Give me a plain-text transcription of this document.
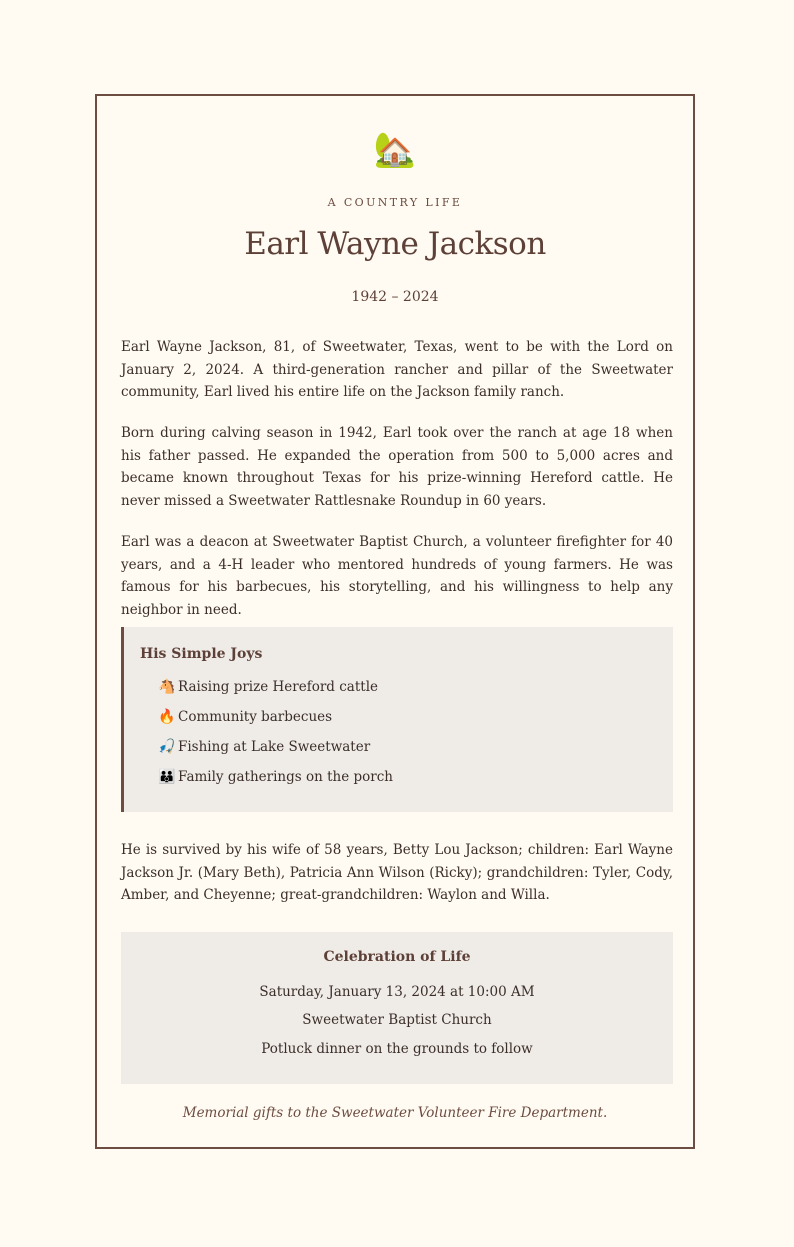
🏡
A COUNTRY LIFE
Earl Wayne Jackson
1942 – 2024

Earl Wayne Jackson, 81, of Sweetwater, Texas, went to be with the Lord on January 2, 2024. A third-generation rancher and pillar of the Sweetwater community, Earl lived his entire life on the Jackson family ranch.

Born during calving season in 1942, Earl took over the ranch at age 18 when his father passed. He expanded the operation from 500 to 5,000 acres and became known throughout Texas for his prize-winning Hereford cattle. He never missed a Sweetwater Rattlesnake Roundup in 60 years.

Earl was a deacon at Sweetwater Baptist Church, a volunteer firefighter for 40 years, and a 4-H leader who mentored hundreds of young farmers. He was famous for his barbecues, his storytelling, and his willingness to help any neighbor in need.

His Simple Joys
🐴 Raising prize Hereford cattle
🔥 Community barbecues
🎣 Fishing at Lake Sweetwater
👪 Family gatherings on the porch

He is survived by his wife of 58 years, Betty Lou Jackson; children: Earl Wayne Jackson Jr. (Mary Beth), Patricia Ann Wilson (Ricky); grandchildren: Tyler, Cody, Amber, and Cheyenne; great-grandchildren: Waylon and Willa.

Celebration of Life
Saturday, January 13, 2024 at 10:00 AM
Sweetwater Baptist Church
Potluck dinner on the grounds to follow
Memorial gifts to the Sweetwater Volunteer Fire Department.
